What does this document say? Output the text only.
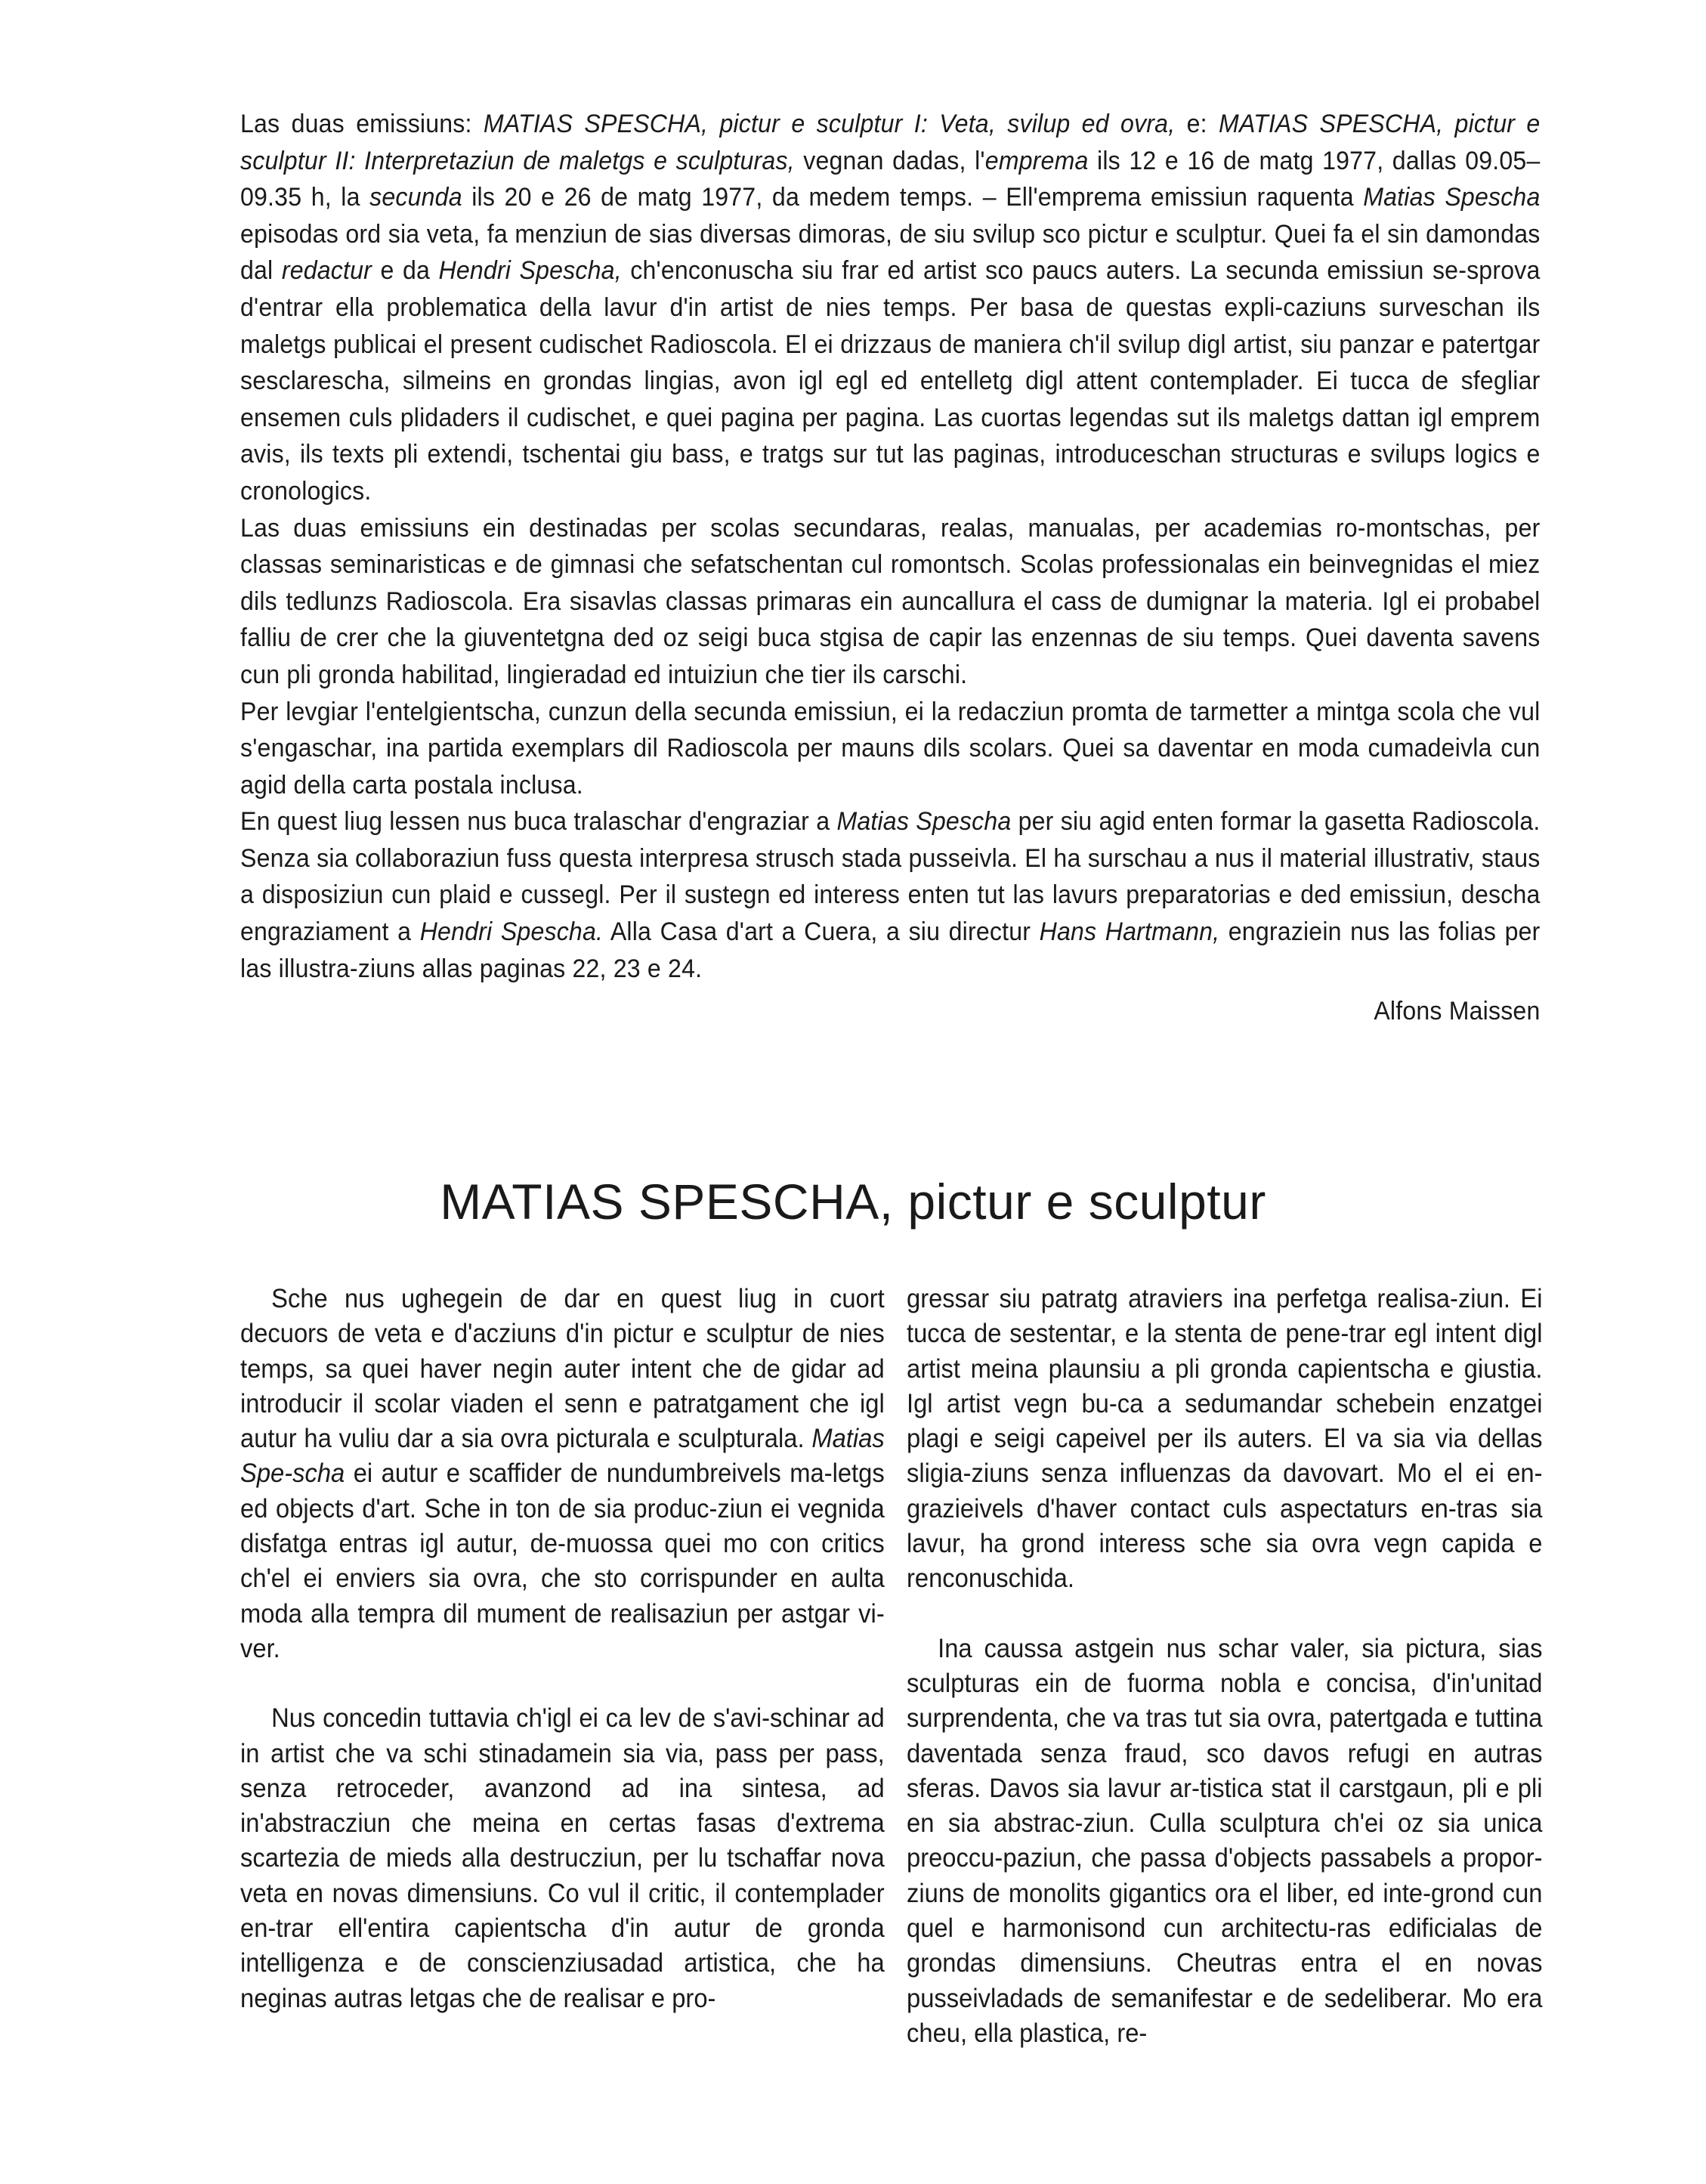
Las duas emissiuns: MATIAS SPESCHA, pictur e sculptur I: Veta, svilup ed ovra, e: MATIAS SPESCHA, pictur e sculptur II: Interpretaziun de maletgs e sculpturas, vegnan dadas, l'emprema ils 12 e 16 de matg 1977, dallas 09.05–09.35 h, la secunda ils 20 e 26 de matg 1977, da medem temps. – Ell'emprema emissiun raquenta Matias Spescha episodas ord sia veta, fa menziun de sias diversas dimoras, de siu svilup sco pictur e sculptur. Quei fa el sin damondas dal redactur e da Hendri Spescha, ch'enconuscha siu frar ed artist sco paucs auters. La secunda emissiun se-sprova d'entrar ella problematica della lavur d'in artist de nies temps. Per basa de questas expli-caziuns surveschan ils maletgs publicai el present cudischet Radioscola. El ei drizzaus de maniera ch'il svilup digl artist, siu panzar e patertgar sesclarescha, silmeins en grondas lingias, avon igl egl ed entelletg digl attent contemplader. Ei tucca de sfegliar ensemen culs plidaders il cudischet, e quei pagina per pagina. Las cuortas legendas sut ils maletgs dattan igl emprem avis, ils texts pli extendi, tschentai giu bass, e tratgs sur tut las paginas, introduceschan structuras e svilups logics e cronologics.

Las duas emissiuns ein destinadas per scolas secundaras, realas, manualas, per academias ro-montschas, per classas seminaristicas e de gimnasi che sefatschentan cul romontsch. Scolas professionalas ein beinvegnidas el miez dils tedlunzs Radioscola. Era sisavlas classas primaras ein auncallura el cass de dumignar la materia. Igl ei probabel falliu de crer che la giuventetgna ded oz seigi buca stgisa de capir las enzennas de siu temps. Quei daventa savens cun pli gronda habilitad, lingieradad ed intuiziun che tier ils carschi.

Per levgiar l'entelgientscha, cunzun della secunda emissiun, ei la redacziun promta de tarmetter a mintga scola che vul s'engaschar, ina partida exemplars dil Radioscola per mauns dils scolars. Quei sa daventar en moda cumadeivla cun agid della carta postala inclusa.

En quest liug lessen nus buca tralaschar d'engraziar a Matias Spescha per siu agid enten formar la gasetta Radioscola. Senza sia collaboraziun fuss questa interpresa strusch stada pusseivla. El ha surschau a nus il material illustrativ, staus a disposiziun cun plaid e cussegl. Per il sustegn ed interess enten tut las lavurs preparatorias e ded emissiun, descha engraziament a Hendri Spescha. Alla Casa d'art a Cuera, a siu directur Hans Hartmann, engraziein nus las folias per las illustra-ziuns allas paginas 22, 23 e 24.

Alfons Maissen

MATIAS SPESCHA, pictur e sculptur

Sche nus ughegein de dar en quest liug in cuort decuors de veta e d'acziuns d'in pictur e sculptur de nies temps, sa quei haver negin auter intent che de gidar ad introducir il scolar viaden el senn e patratgament che igl autur ha vuliu dar a sia ovra picturala e sculpturala. Matias Spe-scha ei autur e scaffider de nundumbreivels ma-letgs ed objects d'art. Sche in ton de sia produc-ziun ei vegnida disfatga entras igl autur, de-muossa quei mo con critics ch'el ei enviers sia ovra, che sto corrispunder en aulta moda alla tempra dil mument de realisaziun per astgar vi-ver.

Nus concedin tuttavia ch'igl ei ca lev de s'avi-schinar ad in artist che va schi stinadamein sia via, pass per pass, senza retroceder, avanzond ad ina sintesa, ad in'abstracziun che meina en certas fasas d'extrema scartezia de mieds alla destrucziun, per lu tschaffar nova veta en novas dimensiuns. Co vul il critic, il contemplader en-trar ell'entira capientscha d'in autur de gronda intelligenza e de conscienziusadad artistica, che ha neginas autras letgas che de realisar e pro-

gressar siu patratg atraviers ina perfetga realisa-ziun. Ei tucca de sestentar, e la stenta de pene-trar egl intent digl artist meina plaunsiu a pli gronda capientscha e giustia. Igl artist vegn bu-ca a sedumandar schebein enzatgei plagi e seigi capeivel per ils auters. El va sia via dellas sligia-ziuns senza influenzas da davovart. Mo el ei en-grazieivels d'haver contact culs aspectaturs en-tras sia lavur, ha grond interess sche sia ovra vegn capida e renconuschida.

Ina caussa astgein nus schar valer, sia pictura, sias sculpturas ein de fuorma nobla e concisa, d'in'unitad surprendenta, che va tras tut sia ovra, patertgada e tuttina daventada senza fraud, sco davos refugi en autras sferas. Davos sia lavur ar-tistica stat il carstgaun, pli e pli en sia abstrac-ziun. Culla sculptura ch'ei oz sia unica preoccu-paziun, che passa d'objects passabels a propor-ziuns de monolits gigantics ora el liber, ed inte-grond cun quel e harmonisond cun architectu-ras edificialas de grondas dimensiuns. Cheutras entra el en novas pusseivladads de semanifestar e de sedeliberar. Mo era cheu, ella plastica, re-
